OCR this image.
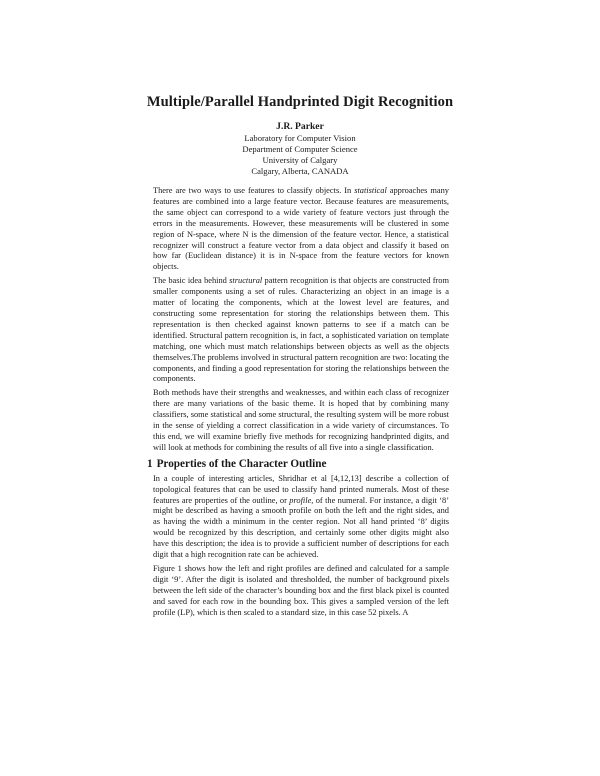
Multiple/Parallel Handprinted Digit Recognition
J.R. Parker
Laboratory for Computer Vision
Department of Computer Science
University of Calgary
Calgary, Alberta, CANADA

There are two ways to use features to classify objects. In statistical approaches many features are combined into a large feature vector. Because features are measurements, the same object can correspond to a wide variety of feature vectors just through the errors in the measurements. However, these measurements will be clustered in some region of N-space, where N is the dimension of the feature vector. Hence, a statistical recognizer will construct a feature vector from a data object and classify it based on how far (Euclidean distance) it is in N-space from the feature vectors for known objects.

The basic idea behind structural pattern recognition is that objects are constructed from smaller components using a set of rules. Characterizing an object in an image is a matter of locating the components, which at the lowest level are features, and constructing some representation for storing the relationships between them. This representation is then checked against known patterns to see if a match can be identified. Structural pattern recognition is, in fact, a sophisticated variation on template matching, one which must match relationships between objects as well as the objects themselves.The problems involved in structural pattern recognition are two: locating the components, and finding a good representation for storing the relationships between the components.

Both methods have their strengths and weaknesses, and within each class of recognizer there are many variations of the basic theme. It is hoped that by combining many classifiers, some statistical and some structural, the resulting system will be more robust in the sense of yielding a correct classification in a wide variety of circumstances. To this end, we will examine briefly five methods for recognizing handprinted digits, and will look at methods for combining the results of all five into a single classification.

1 Properties of the Character Outline

In a couple of interesting articles, Shridhar et al [4,12,13] describe a collection of topological features that can be used to classify hand printed numerals. Most of these features are properties of the outline, or profile, of the numeral. For instance, a digit ‘8’ might be described as having a smooth profile on both the left and the right sides, and as having the width a minimum in the center region. Not all hand printed ‘8’ digits would be recognized by this description, and certainly some other digits might also have this description; the idea is to provide a sufficient number of descriptions for each digit that a high recognition rate can be achieved.

Figure 1 shows how the left and right profiles are defined and calculated for a sample digit ‘9’. After the digit is isolated and thresholded, the number of background pixels between the left side of the character’s bounding box and the first black pixel is counted and saved for each row in the bounding box. This gives a sampled version of the left profile (LP), which is then scaled to a standard size, in this case 52 pixels. A
